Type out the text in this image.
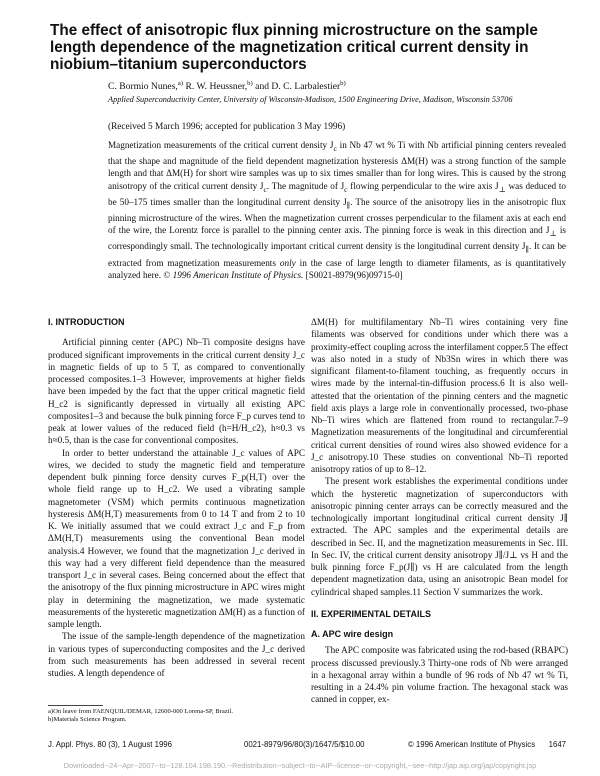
The effect of anisotropic flux pinning microstructure on the sample length dependence of the magnetization critical current density in niobium–titanium superconductors
C. Bormio Nunes,$^{a)}$ R. W. Heussner,$^{b)}$ and D. C. Larbalestier$^{b)}$
Applied Superconductivity Center, University of Wisconsin-Madison, 1500 Engineering Drive, Madison, Wisconsin 53706
(Received 5 March 1996; accepted for publication 3 May 1996)
Magnetization measurements of the critical current density $J_c$ in Nb 47 wt % Ti with Nb artificial pinning centers revealed that the shape and magnitude of the field dependent magnetization hysteresis ΔM(H) was a strong function of the sample length and that ΔM(H) for short wire samples was up to six times smaller than for long wires. This is caused by the strong anisotropy of the critical current density $J_c$. The magnitude of $J_c$ flowing perpendicular to the wire axis $J_\perp$ was deduced to be 50–175 times smaller than the longitudinal current density $J_\parallel$. The source of the anisotropy lies in the anisotropic flux pinning microstructure of the wires. When the magnetization current crosses perpendicular to the filament axis at each end of the wire, the Lorentz force is parallel to the pinning center axis. The pinning force is weak in this direction and $J_\perp$ is correspondingly small. The technologically important critical current density is the longitudinal current density $J_\parallel$. It can be extracted from magnetization measurements only in the case of large length to diameter filaments, as is quantitatively analyzed here. © 1996 American Institute of Physics. [S0021-8979(96)09715-0]
I. INTRODUCTION

Artificial pinning center (APC) Nb–Ti composite designs have produced significant improvements in the critical current density J_c in magnetic fields of up to 5 T, as compared to conventionally processed composites.1–3 However, improvements at higher fields have been impeded by the fact that the upper critical magnetic field H_c2 is significantly depressed in virtually all existing APC composites1–3 and because the bulk pinning force F_p curves tend to peak at lower values of the reduced field (h=H/H_c2), h≈0.3 vs h≈0.5, than is the case for conventional composites.

In order to better understand the attainable J_c values of APC wires, we decided to study the magnetic field and temperature dependent bulk pinning force density curves F_p(H,T) over the whole field range up to H_c2. We used a vibrating sample magnetometer (VSM) which permits continuous magnetization hysteresis ΔM(H,T) measurements from 0 to 14 T and from 2 to 10 K. We initially assumed that we could extract J_c and F_p from ΔM(H,T) measurements using the conventional Bean model analysis.4 However, we found that the magnetization J_c derived in this way had a very different field dependence than the measured transport J_c in several cases. Being concerned about the effect that the anisotropy of the flux pinning microstructure in APC wires might play in determining the magnetization, we made systematic measurements of the hysteretic magnetization ΔM(H) as a function of sample length.

The issue of the sample-length dependence of the magnetization in various types of superconducting composites and the J_c derived from such measurements has been addressed in several recent studies. A length dependence of

ΔM(H) for multifilamentary Nb–Ti wires containing very fine filaments was observed for conditions under which there was a proximity-effect coupling across the interfilament copper.5 The effect was also noted in a study of Nb3Sn wires in which there was significant filament-to-filament touching, as frequently occurs in wires made by the internal-tin-diffusion process.6 It is also well-attested that the orientation of the pinning centers and the magnetic field axis plays a large role in conventionally processed, two-phase Nb–Ti wires which are flattened from round to rectangular.7–9 Magnetization measurements of the longitudinal and circumferential critical current densities of round wires also showed evidence for a J_c anisotropy.10 These studies on conventional Nb–Ti reported anisotropy ratios of up to 8–12.

The present work establishes the experimental conditions under which the hysteretic magnetization of superconductors with anisotropic pinning center arrays can be correctly measured and the technologically important longitudinal critical current density J∥ extracted. The APC samples and the experimental details are described in Sec. II, and the magnetization measurements in Sec. III. In Sec. IV, the critical current density anisotropy J∥/J⊥ vs H and the bulk pinning force F_p(J∥) vs H are calculated from the length dependent magnetization data, using an anisotropic Bean model for cylindrical shaped samples.11 Section V summarizes the work.

II. EXPERIMENTAL DETAILS
A. APC wire design

The APC composite was fabricated using the rod-based (RBAPC) process discussed previously.3 Thirty-one rods of Nb were arranged in a hexagonal array within a bundle of 96 rods of Nb 47 wt % Ti, resulting in a 24.4% pin volume fraction. The hexagonal stack was canned in copper, ex-

a)On leave from FAENQUIL/DEMAR, 12600-000 Lorena-SP, Brazil.
b)Materials Science Program.
J. Appl. Phys. 80 (3), 1 August 1996	0021-8979/96/80(3)/1647/5/$10.00	© 1996 American Institute of Physics 1647
Downloaded--24--Apr--2007--to--128.104.198.190.--Redistribution--subject--to--AIP--license--or--copyright,--see--http://jap.aip.org/jap/copyright.jsp
